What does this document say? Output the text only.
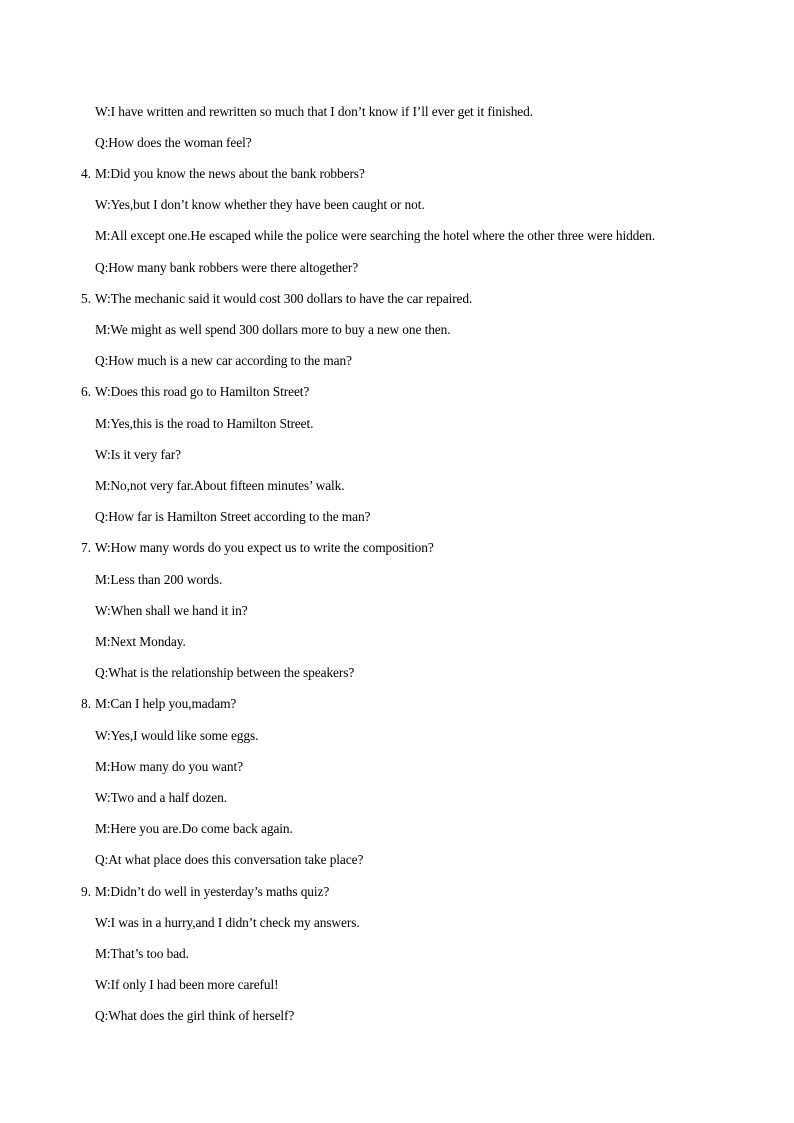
W:I have written and rewritten so much that I don’t know if I’ll ever get it finished.
Q:How does the woman feel?
4. M:Did you know the news about the bank robbers?
W:Yes,but I don’t know whether they have been caught or not.
M:All except one.He escaped while the police were searching the hotel where the other three were hidden.
Q:How many bank robbers were there altogether?
5. W:The mechanic said it would cost 300 dollars to have the car repaired.
M:We might as well spend 300 dollars more to buy a new one then.
Q:How much is a new car according to the man?
6. W:Does this road go to Hamilton Street?
M:Yes,this is the road to Hamilton Street.
W:Is it very far?
M:No,not very far.About fifteen minutes’ walk.
Q:How far is Hamilton Street according to the man?
7. W:How many words do you expect us to write the composition?
M:Less than 200 words.
W:When shall we hand it in?
M:Next Monday.
Q:What is the relationship between the speakers?
8. M:Can I help you,madam?
W:Yes,I would like some eggs.
M:How many do you want?
W:Two and a half dozen.
M:Here you are.Do come back again.
Q:At what place does this conversation take place?
9. M:Didn’t do well in yesterday’s maths quiz?
W:I was in a hurry,and I didn’t check my answers.
M:That’s too bad.
W:If only I had been more careful!
Q:What does the girl think of herself?
